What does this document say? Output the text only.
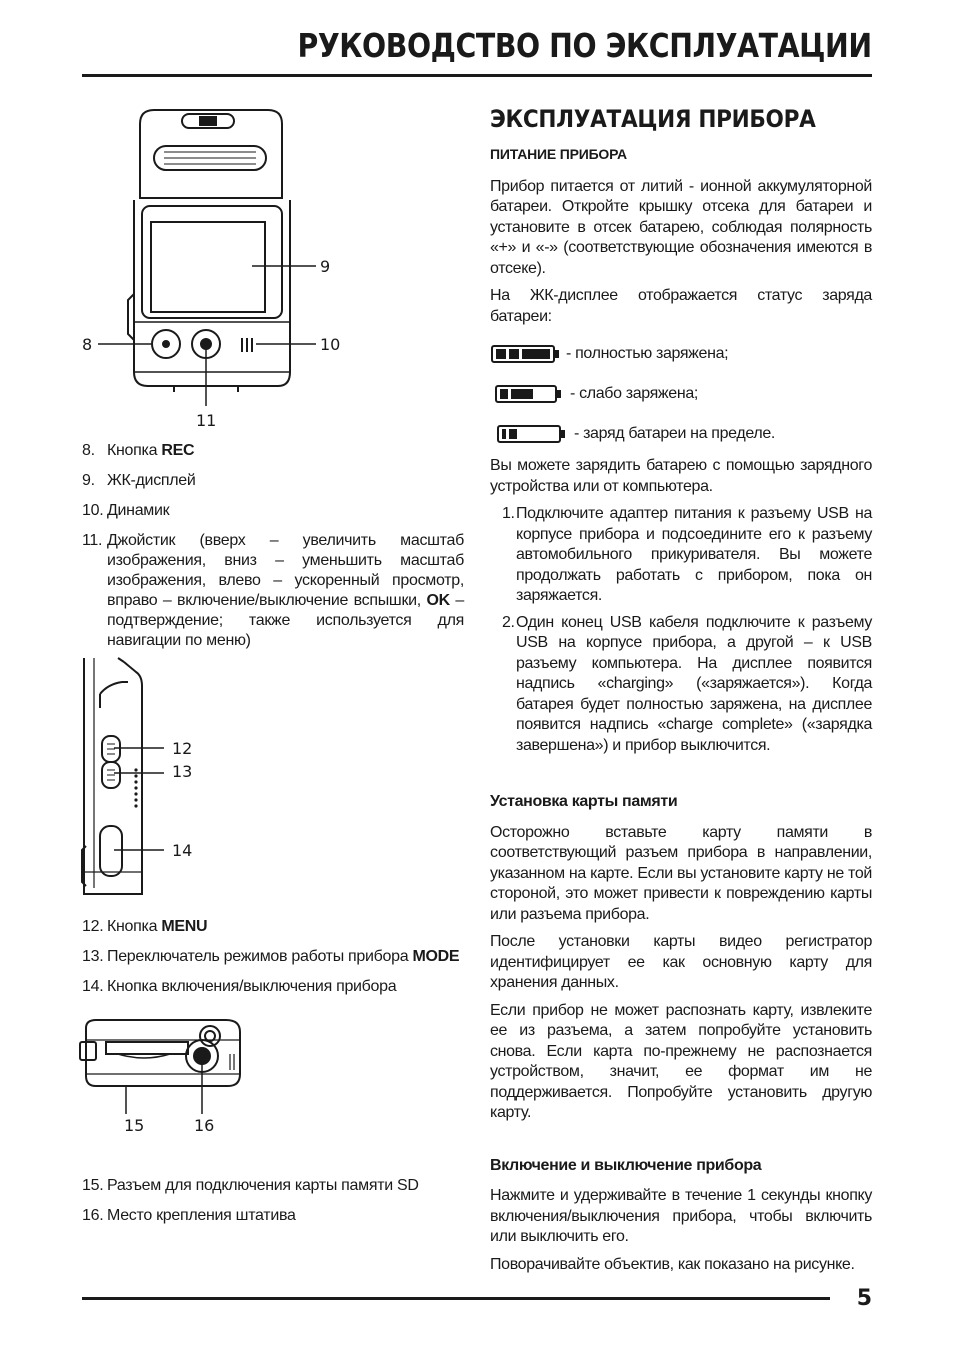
РУКОВОДСТВО ПО ЭКСПЛУАТАЦИИ
9
8	10
11
8. Кнопка REC
9. ЖК-дисплей
10. Динамик
11. Джойстик (вверх – увеличить масштаб изображения, вниз – уменьшить масштаб изображения, влево – ускоренный просмотр, вправо – включение/выключение вспышки, OK – подтверждение; также используется для навигации по меню)
12
13
14
12. Кнопка MENU
13. Переключатель режимов работы прибора MODE
14. Кнопка включения/выключения прибора
15	16
15. Разъем для подключения карты памяти SD
16. Место крепления штатива
ЭКСПЛУАТАЦИЯ ПРИБОРА
ПИТАНИЕ ПРИБОРА

Прибор питается от литий - ионной аккумуляторной батареи. Откройте крышку отсека для батареи и установите в отсек батарею, соблюдая полярность «+» и «-» (соответствующие обозначения имеются в отсеке).

На ЖК-дисплее отображается статус заряда батареи:

- полностью заряжена;
- слабо заряжена;
- заряд батареи на пределе.

Вы можете зарядить батарею с помощью зарядного устройства или от компьютера.

1. Подключите адаптер питания к разъему USB на корпусе прибора и подсоедините его к разъему автомобильного прикуривателя. Вы можете продолжать работать с прибором, пока он заряжается.
2. Один конец USB кабеля подключите к разъему USB на корпусе прибора, а другой – к USB разъему компьютера. На дисплее появится надпись «charging» («заряжается»). Когда батарея будет полностью заряжена, на дисплее появится надпись «charge complete» («зарядка завершена») и прибор выключится.
Установка карты памяти

Осторожно вставьте карту памяти в соответствующий разъем прибора в направлении, указанном на карте. Если вы установите карту не той стороной, это может привести к повреждению карты или разъема прибора.

После установки карты видео регистратор идентифицирует ее как основную карту для хранения данных.

Если прибор не может распознать карту, извлеките ее из разъема, а затем попробуйте установить снова. Если карта по-прежнему не распознается устройством, значит, ее формат им не поддерживается. Попробуйте установить другую карту.

Включение и выключение прибора

Нажмите и удерживайте в течение 1 секунды кнопку включения/выключения прибора, чтобы включить или выключить его.

Поворачивайте объектив, как показано на рисунке.

5
